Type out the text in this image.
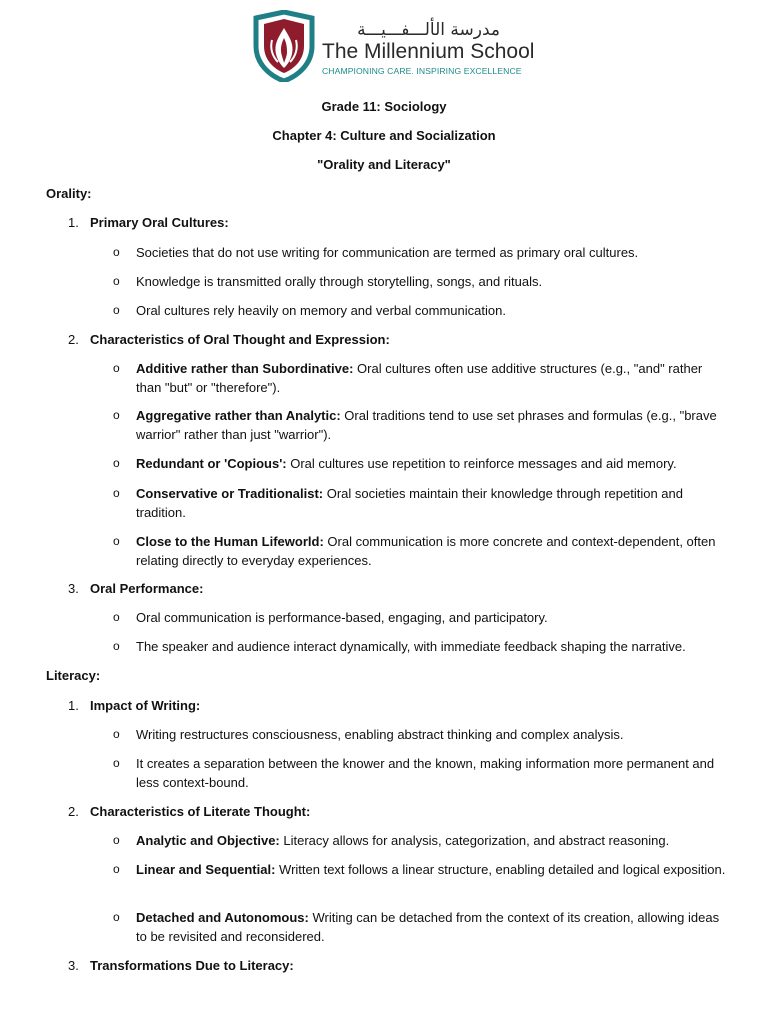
مدرسة الألـــفـــيـــة
The Millennium School
CHAMPIONING CARE. INSPIRING EXCELLENCE
Grade 11: Sociology
Chapter 4: Culture and Socialization
"Orality and Literacy"
Orality:
1. Primary Oral Cultures:
o Societies that do not use writing for communication are termed as primary oral cultures.
o Knowledge is transmitted orally through storytelling, songs, and rituals.
o Oral cultures rely heavily on memory and verbal communication.
2. Characteristics of Oral Thought and Expression:
o Additive rather than Subordinative: Oral cultures often use additive structures (e.g., "and" rather than "but" or "therefore").
o Aggregative rather than Analytic: Oral traditions tend to use set phrases and formulas (e.g., "brave warrior" rather than just "warrior").
o Redundant or 'Copious': Oral cultures use repetition to reinforce messages and aid memory.
o Conservative or Traditionalist: Oral societies maintain their knowledge through repetition and tradition.
o Close to the Human Lifeworld: Oral communication is more concrete and context-dependent, often relating directly to everyday experiences.
3. Oral Performance:
o Oral communication is performance-based, engaging, and participatory.
o The speaker and audience interact dynamically, with immediate feedback shaping the narrative.
Literacy:
1. Impact of Writing:
o Writing restructures consciousness, enabling abstract thinking and complex analysis.
o It creates a separation between the knower and the known, making information more permanent and less context-bound.
2. Characteristics of Literate Thought:
o Analytic and Objective: Literacy allows for analysis, categorization, and abstract reasoning.
o Linear and Sequential: Written text follows a linear structure, enabling detailed and logical exposition.
o Detached and Autonomous: Writing can be detached from the context of its creation, allowing ideas to be revisited and reconsidered.
3. Transformations Due to Literacy:
